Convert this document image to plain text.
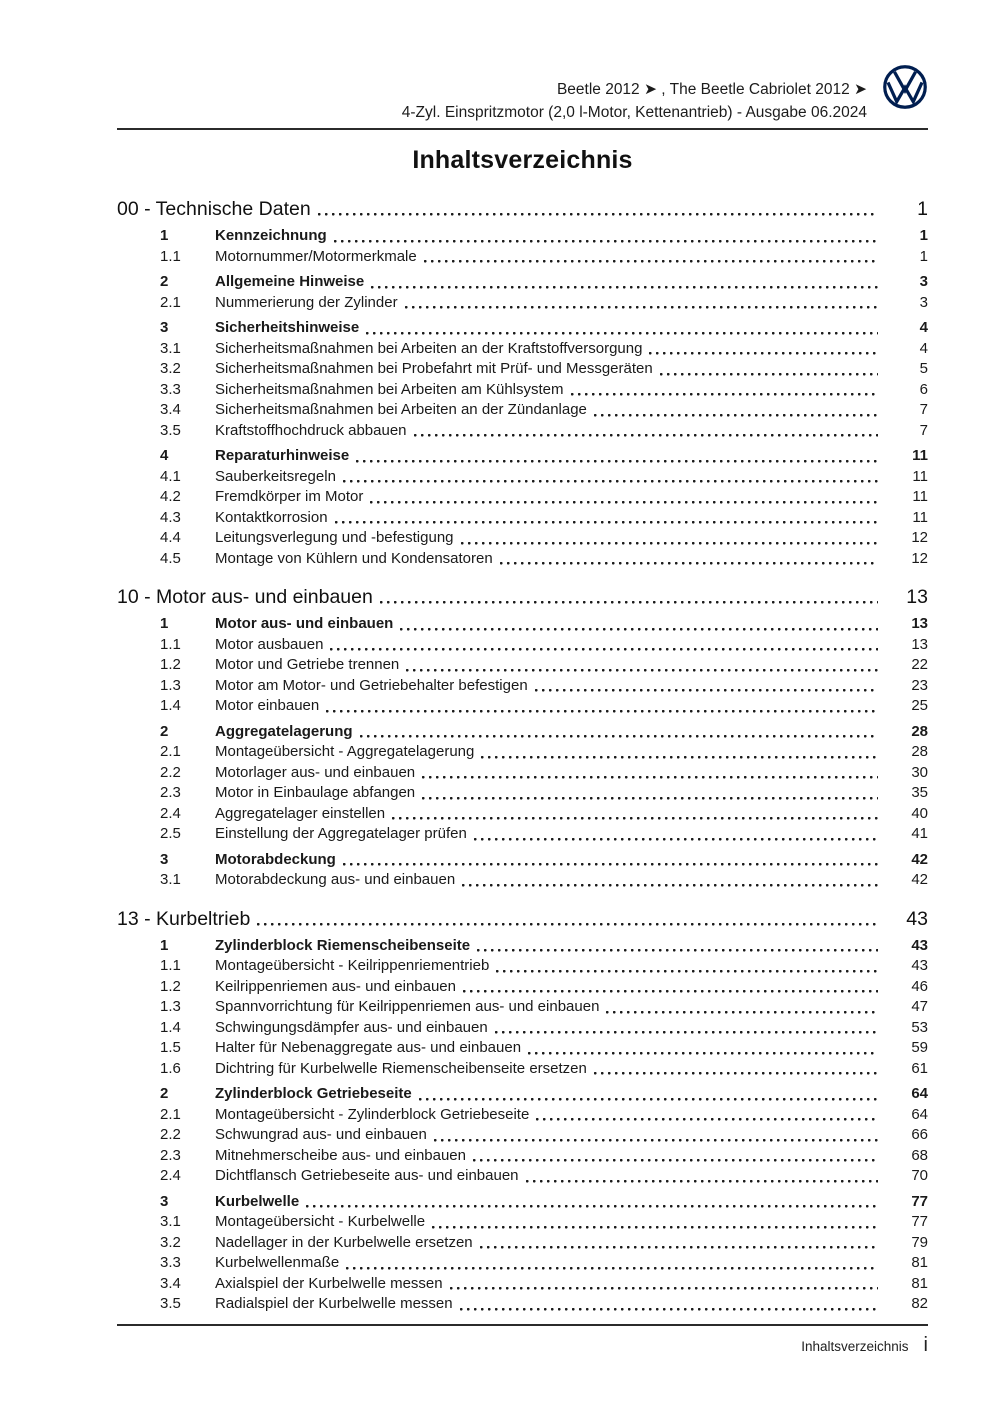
Beetle 2012 ➤ , The Beetle Cabriolet 2012 ➤
4-Zyl. Einspritzmotor (2,0 l-Motor, Kettenantrieb) - Ausgabe 06.2024
Inhaltsverzeichnis
00 - Technische Daten	1
1	Kennzeichnung	1
1.1	Motornummer/Motormerkmale	1
2	Allgemeine Hinweise	3
2.1	Nummerierung der Zylinder	3
3	Sicherheitshinweise	4
3.1	Sicherheitsmaßnahmen bei Arbeiten an der Kraftstoffversorgung	4
3.2	Sicherheitsmaßnahmen bei Probefahrt mit Prüf- und Messgeräten	5
3.3	Sicherheitsmaßnahmen bei Arbeiten am Kühlsystem	6
3.4	Sicherheitsmaßnahmen bei Arbeiten an der Zündanlage	7
3.5	Kraftstoffhochdruck abbauen	7
4	Reparaturhinweise	11
4.1	Sauberkeitsregeln	11
4.2	Fremdkörper im Motor	11
4.3	Kontaktkorrosion	11
4.4	Leitungsverlegung und -befestigung	12
4.5	Montage von Kühlern und Kondensatoren	12
10 - Motor aus- und einbauen	13
1	Motor aus- und einbauen	13
1.1	Motor ausbauen	13
1.2	Motor und Getriebe trennen	22
1.3	Motor am Motor- und Getriebehalter befestigen	23
1.4	Motor einbauen	25
2	Aggregatelagerung	28
2.1	Montageübersicht - Aggregatelagerung	28
2.2	Motorlager aus- und einbauen	30
2.3	Motor in Einbaulage abfangen	35
2.4	Aggregatelager einstellen	40
2.5	Einstellung der Aggregatelager prüfen	41
3	Motorabdeckung	42
3.1	Motorabdeckung aus- und einbauen	42
13 - Kurbeltrieb	43
1	Zylinderblock Riemenscheibenseite	43
1.1	Montageübersicht - Keilrippenriementrieb	43
1.2	Keilrippenriemen aus- und einbauen	46
1.3	Spannvorrichtung für Keilrippenriemen aus- und einbauen	47
1.4	Schwingungsdämpfer aus- und einbauen	53
1.5	Halter für Nebenaggregate aus- und einbauen	59
1.6	Dichtring für Kurbelwelle Riemenscheibenseite ersetzen	61
2	Zylinderblock Getriebeseite	64
2.1	Montageübersicht - Zylinderblock Getriebeseite	64
2.2	Schwungrad aus- und einbauen	66
2.3	Mitnehmerscheibe aus- und einbauen	68
2.4	Dichtflansch Getriebeseite aus- und einbauen	70
3	Kurbelwelle	77
3.1	Montageübersicht - Kurbelwelle	77
3.2	Nadellager in der Kurbelwelle ersetzen	79
3.3	Kurbelwellenmaße	81
3.4	Axialspiel der Kurbelwelle messen	81
3.5	Radialspiel der Kurbelwelle messen	82
Inhaltsverzeichnis i
